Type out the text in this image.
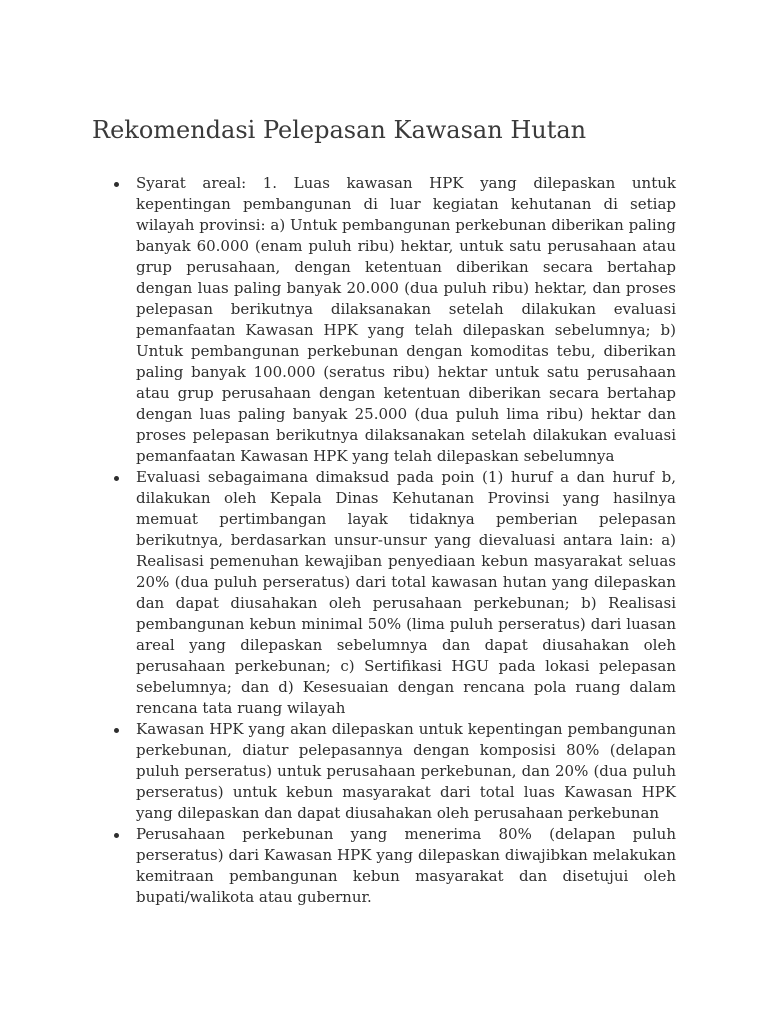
Rekomendasi Pelepasan Kawasan Hutan
Syarat areal: 1. Luas kawasan HPK yang dilepaskan untuk kepentingan pembangunan di luar kegiatan kehutanan di setiap wilayah provinsi: a) Untuk pembangunan perkebunan diberikan paling banyak 60.000 (enam puluh ribu) hektar, untuk satu perusahaan atau grup perusahaan, dengan ketentuan diberikan secara bertahap dengan luas paling banyak 20.000 (dua puluh ribu) hektar, dan proses pelepasan berikutnya dilaksanakan setelah dilakukan evaluasi pemanfaatan Kawasan HPK yang telah dilepaskan sebelumnya; b) Untuk pembangunan perkebunan dengan komoditas tebu, diberikan paling banyak 100.000 (seratus ribu) hektar untuk satu perusahaan atau grup perusahaan dengan ketentuan diberikan secara bertahap dengan luas paling banyak 25.000 (dua puluh lima ribu) hektar dan proses pelepasan berikutnya dilaksanakan setelah dilakukan evaluasi pemanfaatan Kawasan HPK yang telah dilepaskan sebelumnya
Evaluasi sebagaimana dimaksud pada poin (1) huruf a dan huruf b, dilakukan oleh Kepala Dinas Kehutanan Provinsi yang hasilnya memuat pertimbangan layak tidaknya pemberian pelepasan berikutnya, berdasarkan unsur-unsur yang dievaluasi antara lain: a) Realisasi pemenuhan kewajiban penyediaan kebun masyarakat seluas 20% (dua puluh perseratus) dari total kawasan hutan yang dilepaskan dan dapat diusahakan oleh perusahaan perkebunan; b) Realisasi pembangunan kebun minimal 50% (lima puluh perseratus) dari luasan areal yang dilepaskan sebelumnya dan dapat diusahakan oleh perusahaan perkebunan; c) Sertifikasi HGU pada lokasi pelepasan sebelumnya; dan d) Kesesuaian dengan rencana pola ruang dalam rencana tata ruang wilayah
Kawasan HPK yang akan dilepaskan untuk kepentingan pembangunan perkebunan, diatur pelepasannya dengan komposisi 80% (delapan puluh perseratus) untuk perusahaan perkebunan, dan 20% (dua puluh perseratus) untuk kebun masyarakat dari total luas Kawasan HPK yang dilepaskan dan dapat diusahakan oleh perusahaan perkebunan
Perusahaan perkebunan yang menerima 80% (delapan puluh perseratus) dari Kawasan HPK yang dilepaskan diwajibkan melakukan kemitraan pembangunan kebun masyarakat dan disetujui oleh bupati/walikota atau gubernur.
